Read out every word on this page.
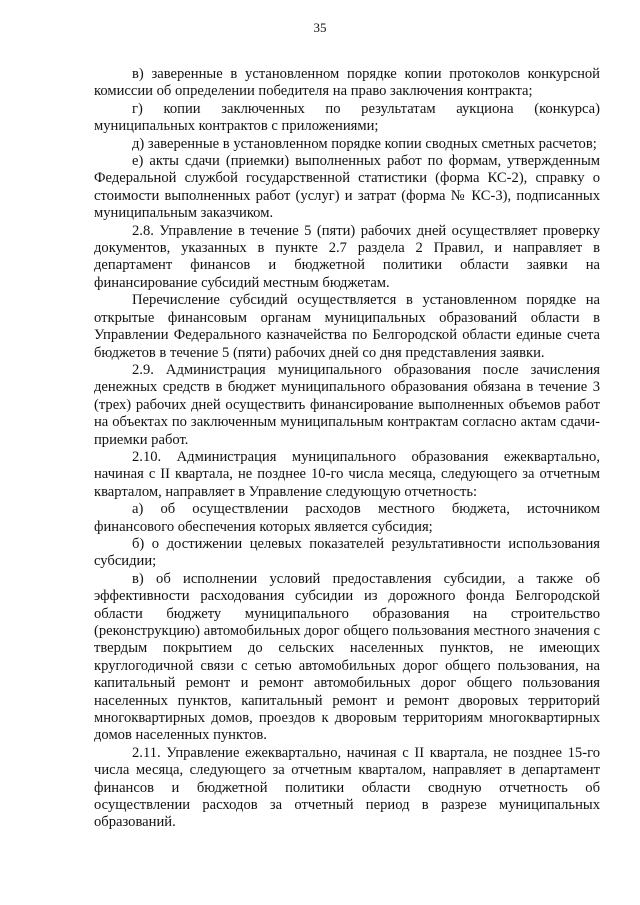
35

в) заверенные в установленном порядке копии протоколов конкурсной комиссии об определении победителя на право заключения контракта;

г) копии заключенных по результатам аукциона (конкурса) муниципальных контрактов с приложениями;

д) заверенные в установленном порядке копии сводных сметных расчетов;

е) акты сдачи (приемки) выполненных работ по формам, утвержденным Федеральной службой государственной статистики (форма КС-2), справку о стоимости выполненных работ (услуг) и затрат (форма № КС-3), подписанных муниципальным заказчиком.

2.8. Управление в течение 5 (пяти) рабочих дней осуществляет проверку документов, указанных в пункте 2.7 раздела 2 Правил, и направляет в департамент финансов и бюджетной политики области заявки на финансирование субсидий местным бюджетам.

Перечисление субсидий осуществляется в установленном порядке на открытые финансовым органам муниципальных образований области в Управлении Федерального казначейства по Белгородской области единые счета бюджетов в течение 5 (пяти) рабочих дней со дня представления заявки.

2.9. Администрация муниципального образования после зачисления денежных средств в бюджет муниципального образования обязана в течение 3 (трех) рабочих дней осуществить финансирование выполненных объемов работ на объектах по заключенным муниципальным контрактам согласно актам сдачи-приемки работ.

2.10. Администрация муниципального образования ежеквартально, начиная с II квартала, не позднее 10-го числа месяца, следующего за отчетным кварталом, направляет в Управление следующую отчетность:

а) об осуществлении расходов местного бюджета, источником финансового обеспечения которых является субсидия;

б) о достижении целевых показателей результативности использования субсидии;

в) об исполнении условий предоставления субсидии, а также об эффективности расходования субсидии из дорожного фонда Белгородской области бюджету муниципального образования на строительство (реконструкцию) автомобильных дорог общего пользования местного значения с твердым покрытием до сельских населенных пунктов, не имеющих круглогодичной связи с сетью автомобильных дорог общего пользования, на капитальный ремонт и ремонт автомобильных дорог общего пользования населенных пунктов, капитальный ремонт и ремонт дворовых территорий многоквартирных домов, проездов к дворовым территориям многоквартирных домов населенных пунктов.

2.11. Управление ежеквартально, начиная с II квартала, не позднее 15-го числа месяца, следующего за отчетным кварталом, направляет в департамент финансов и бюджетной политики области сводную отчетность об осуществлении расходов за отчетный период в разрезе муниципальных образований.
